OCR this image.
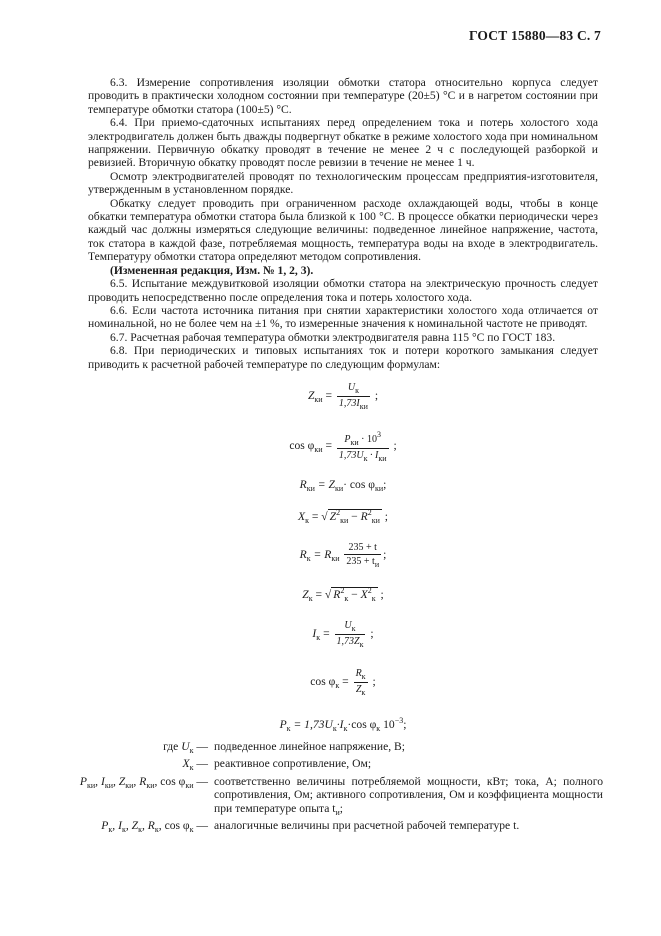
ГОСТ 15880—83 С. 7

6.3. Измерение сопротивления изоляции обмотки статора относительно корпуса следует проводить в практически холодном состоянии при температуре (20±5) °С и в нагретом состоянии при температуре обмотки статора (100±5) °С.

6.4. При приемо-сдаточных испытаниях перед определением тока и потерь холостого хода электродвигатель должен быть дважды подвергнут обкатке в режиме холостого хода при номинальном напряжении. Первичную обкатку проводят в течение не менее 2 ч с последующей разборкой и ревизией. Вторичную обкатку проводят после ревизии в течение не менее 1 ч.

Осмотр электродвигателей проводят по технологическим процессам предприятия-изготовителя, утвержденным в установленном порядке.

Обкатку следует проводить при ограниченном расходе охлаждающей воды, чтобы в конце обкатки температура обмотки статора была близкой к 100 °С. В процессе обкатки периодически через каждый час должны измеряться следующие величины: подведенное линейное напряжение, частота, ток статора в каждой фазе, потребляемая мощность, температура воды на входе в электродвигатель. Температуру обмотки статора определяют методом сопротивления.

(Измененная редакция, Изм. № 1, 2, 3).

6.5. Испытание междувитковой изоляции обмотки статора на электрическую прочность следует проводить непосредственно после определения тока и потерь холостого хода.

6.6. Если частота источника питания при снятии характеристики холостого хода отличается от номинальной, но не более чем на ±1 %, то измеренные значения к номинальной частоте не приводят.

6.7. Расчетная рабочая температура обмотки электродвигателя равна 115 °С по ГОСТ 183.

6.8. При периодических и типовых испытаниях ток и потери короткого замыкания следует приводить к расчетной рабочей температуре по следующим формулам:

$Z_{ки} = \frac{U_к}{1,73I_{ки}}$ ;
$\cos \varphi_{ки} = \frac{P_{ки} \cdot 10^3}{1,73U_к \cdot I_{ки}}$ ;
$R_{ки} = Z_{ки}\cdot \cos \varphi_{ки}$;
$X_к$ = √ $Z^2_{ки} - R^2_{ки}$ ;
$R_к = R_{ки} \frac{235 + t}{235 + t_и}$ ;
$Z_к$ = √ $R^2_к - X^2_к$ ;
$I_к = \frac{U_к}{1,73Z_к}$ ;
$\cos \varphi_к = \frac{R_к}{Z_к}$ ;
$P_к = 1,73U_к\cdot I_к\cdot\cos$ $\varphi_к$ $10^{-3}$;
где $U_к$ — подведенное линейное напряжение, В;
$X_к$ — реактивное сопротивление, Ом;
$P_{ки}$, $I_{ки}$, $Z_{ки}$, $R_{ки}$, $\cos \varphi_{ки}$ — соответственно величины потребляемой мощности, кВт; тока, А; полного сопротивления, Ом; активного сопротивления, Ом и коэффициента мощности при температуре опыта $t_и$;
$P_к$, $I_к$, $Z_к$, $R_к$, $\cos \varphi_к$ — аналогичные величины при расчетной рабочей температуре t.
